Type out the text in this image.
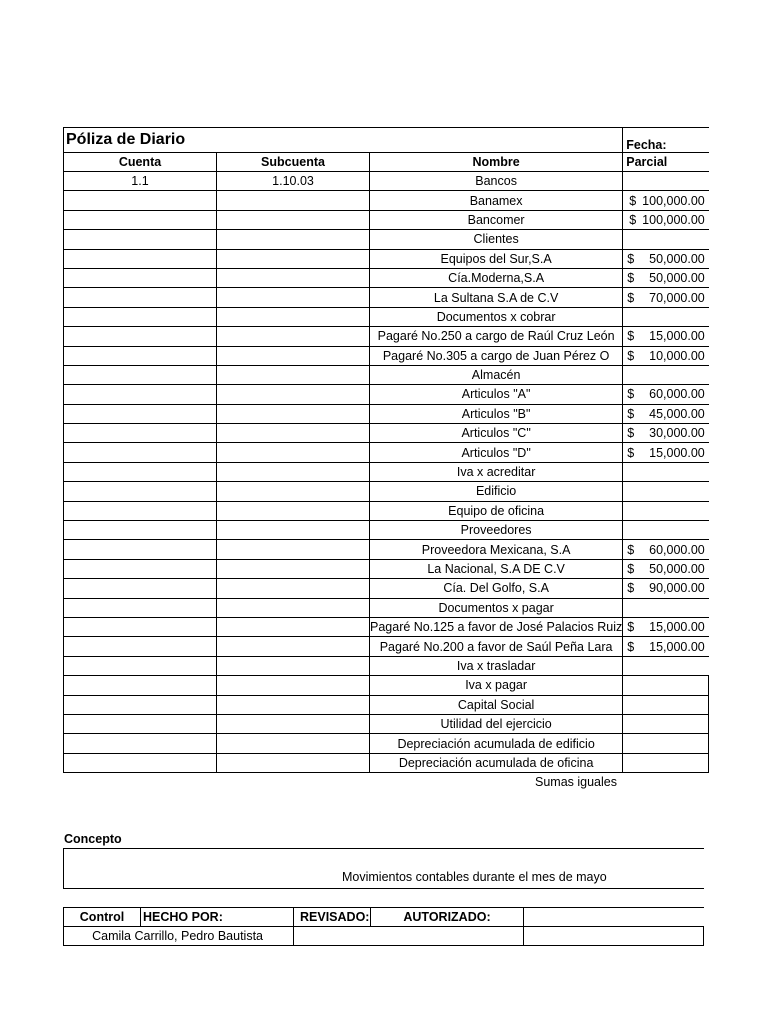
Póliza de Diario			Fecha:
Cuenta	Subcuenta	Nombre	Parcial
1.1	1.10.03	Bancos	

		Banamex	$ 100,000.00
		Bancomer	$ 100,000.00
		Clientes	

		Equipos del Sur,S.A	$ 50,000.00
		Cía.Moderna,S.A	$ 50,000.00
		La Sultana S.A de C.V	$ 70,000.00
		Documentos x cobrar	

		Pagaré No.250 a cargo de Raúl Cruz León	$ 15,000.00
		Pagaré No.305 a cargo de Juan Pérez O	$ 10,000.00
		Almacén	

		Articulos "A"	$ 60,000.00
		Articulos "B"	$ 45,000.00
		Articulos "C"	$ 30,000.00
		Articulos "D"	$ 15,000.00
		Iva x acreditar	

		Edificio	

		Equipo de oficina	

		Proveedores	

		Proveedora Mexicana, S.A	$ 60,000.00
		La Nacional, S.A DE C.V	$ 50,000.00
		Cía. Del Golfo, S.A	$ 90,000.00
		Documentos x pagar	

		Pagaré No.125 a favor de José Palacios Ruiz	$ 15,000.00
		Pagaré No.200 a favor de Saúl Peña Lara	$ 15,000.00
		Iva x trasladar	

		Iva x pagar	

		Capital Social	

		Utilidad del ejercicio	

		Depreciación acumulada de edificio	

		Depreciación acumulada de oficina	
Sumas iguales
Concepto
Movimientos contables durante el mes de mayo
Control	HECHO POR:	REVISADO:	AUTORIZADO:	
Camila Carrillo, Pedro Bautista				
